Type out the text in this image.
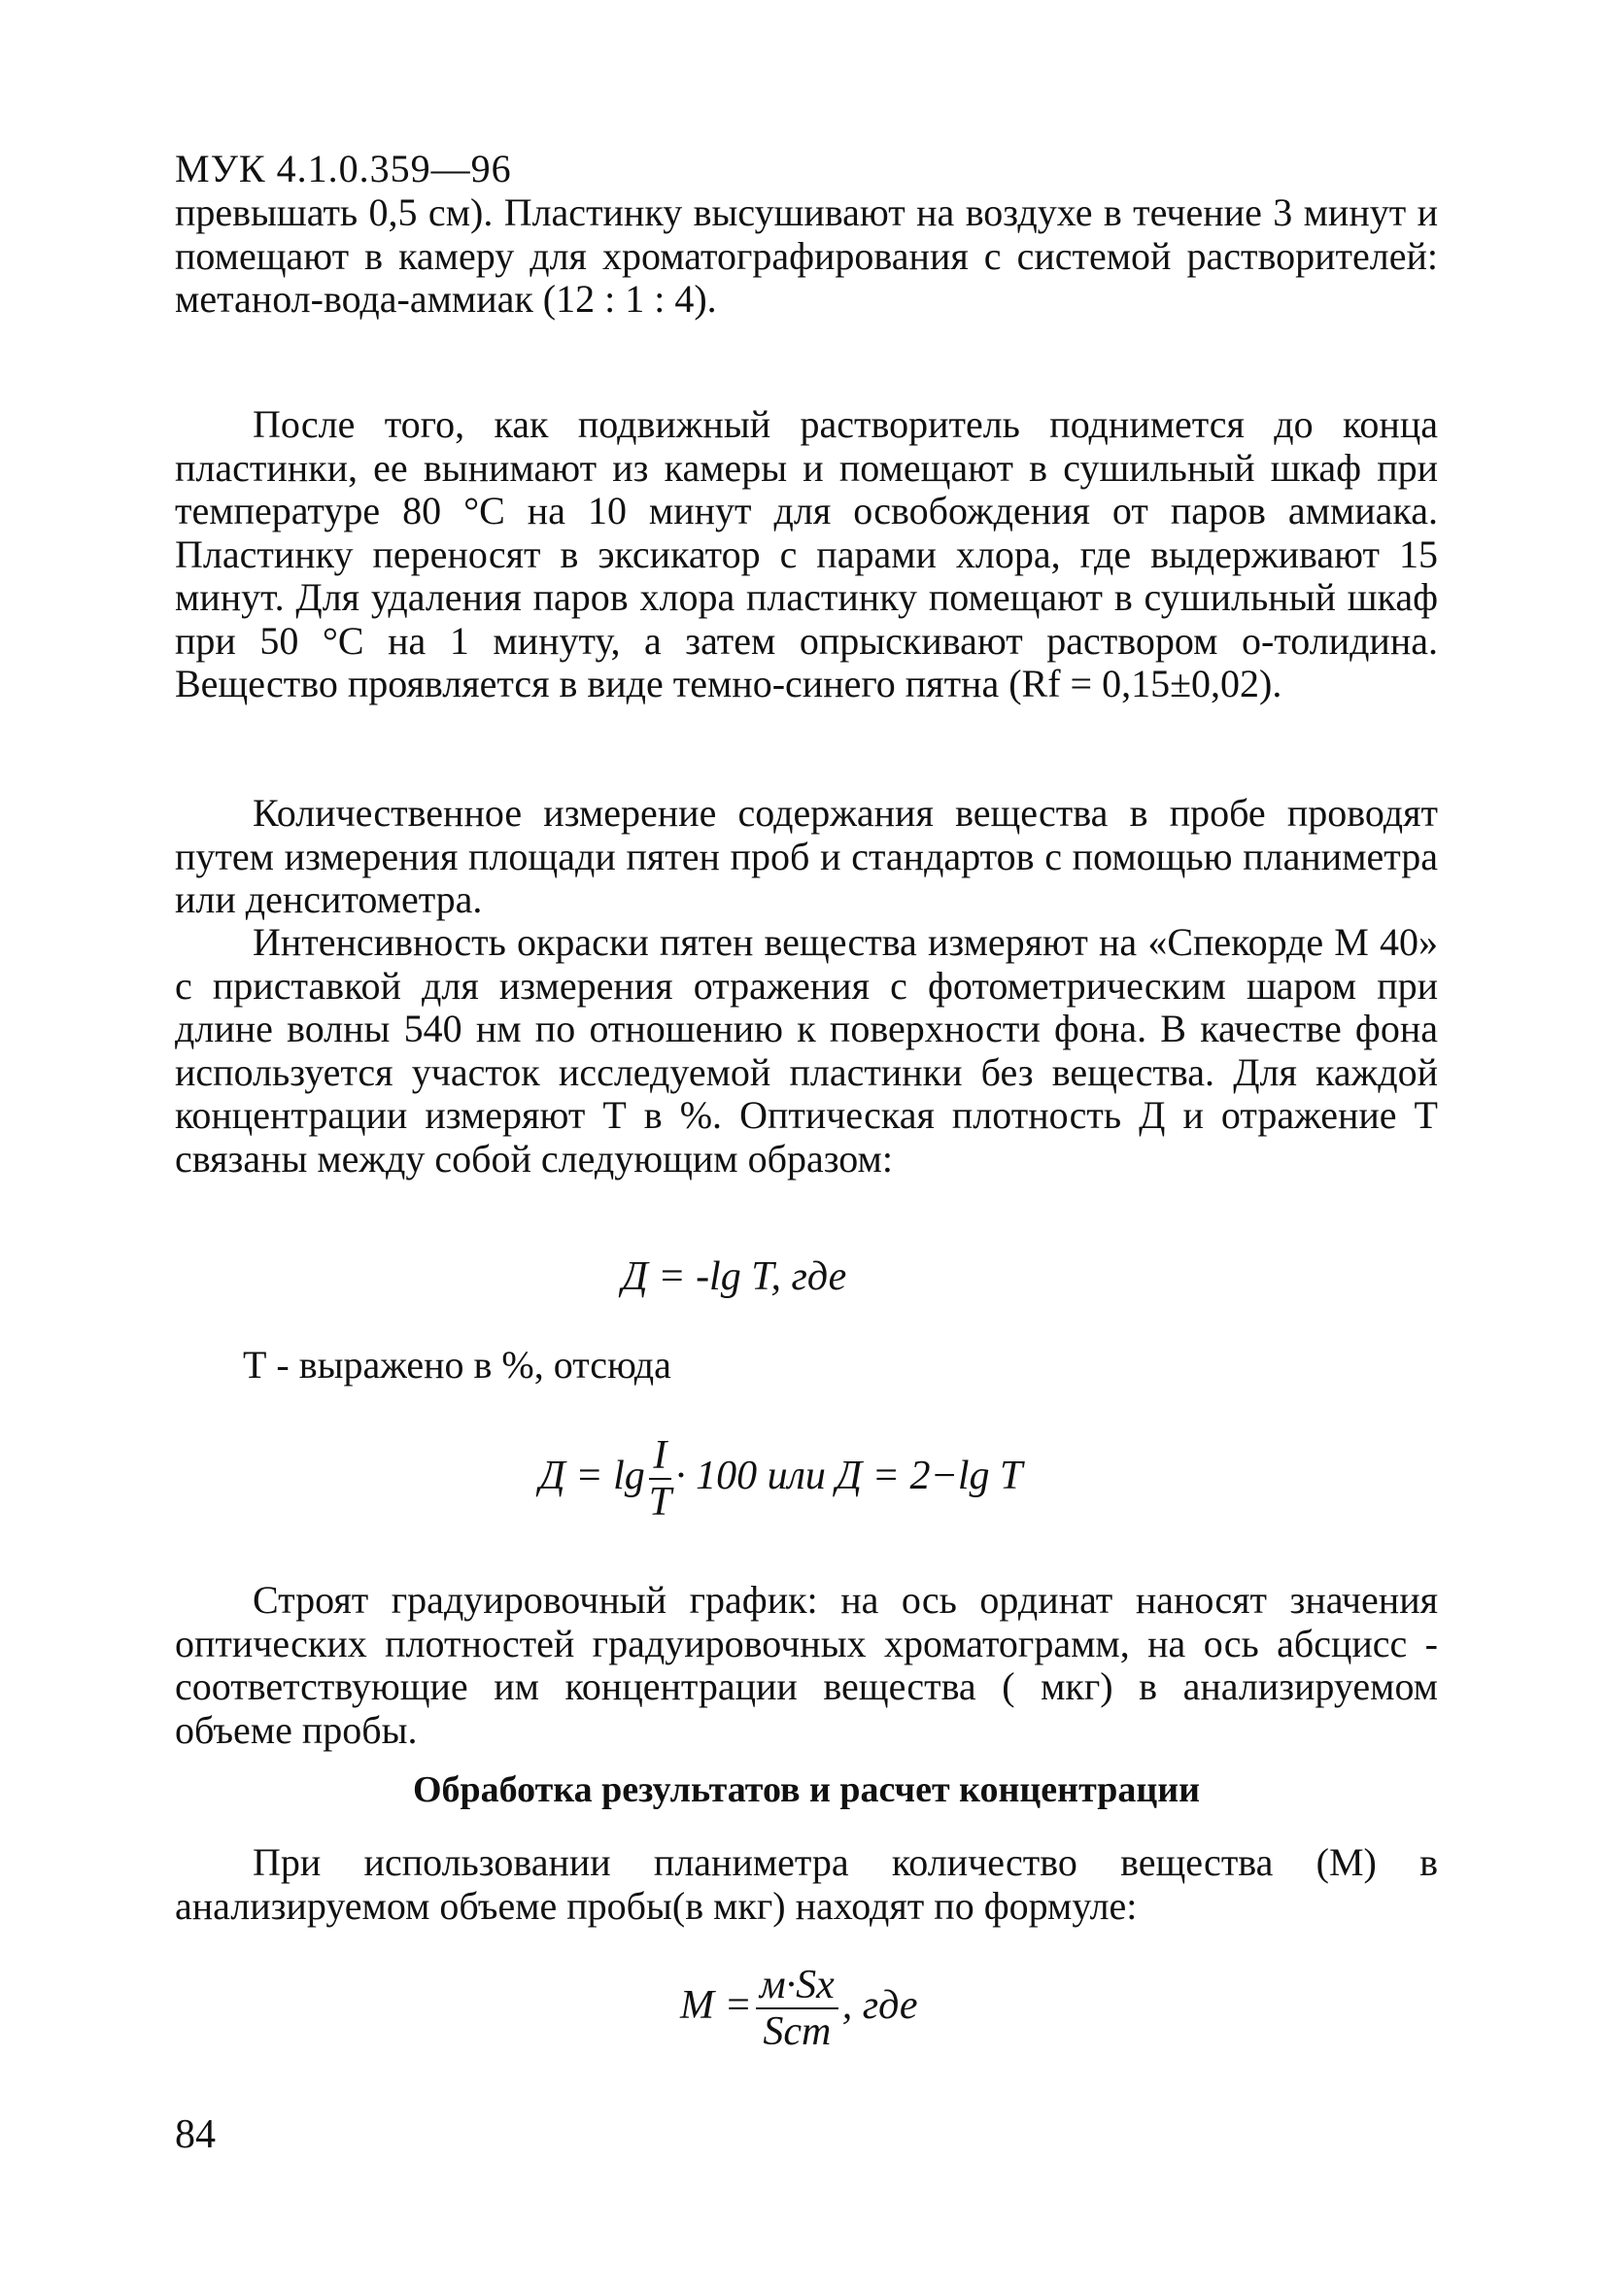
МУК 4.1.0.359—96

превышать 0,5 см). Пластинку высушивают на воздухе в течение 3 минут и помещают в камеру для хроматографирования с системой растворителей: метанол-вода-аммиак (12 : 1 : 4).

После того, как подвижный растворитель поднимется до конца пластинки, ее вынимают из камеры и помещают в сушильный шкаф при температуре 80 °С на 10 минут для освобождения от паров аммиака. Пластинку переносят в эксикатор с парами хлора, где выдерживают 15 минут. Для удаления паров хлора пластинку помещают в сушильный шкаф при 50 °С на 1 минуту, а затем опрыскивают раствором о-толидина. Вещество проявляется в виде темно-синего пятна (Rf = 0,15±0,02).

Количественное измерение содержания вещества в пробе проводят путем измерения площади пятен проб и стандартов с помощью планиметра или денситометра.

Интенсивность окраски пятен вещества измеряют на «Спекорде М 40» с приставкой для измерения отражения с фотометрическим шаром при длине волны 540 нм по отношению к поверхности фона. В качестве фона используется участок исследуемой пластинки без вещества. Для каждой концентрации измеряют Т в %. Оптическая плотность Д и отражение Т связаны между собой следующим образом:

Д = -lg T, где

Т - выражено в %, отсюда

$Д = \lg \frac{I}{T} \cdot 100$ или Д = 2−lg T

Строят градуировочный график: на ось ординат наносят значения оптических плотностей градуировочных хроматограмм, на ось абсцисс - соответствующие им концентрации вещества ( мкг) в анализируемом объеме пробы.

Обработка результатов и расчет концентрации

При использовании планиметра количество вещества (М) в анализируемом объеме пробы(в мкг) находят по формуле:

$M = \frac{м\cdot Sx}{\text{Sст}}$ , где
84
